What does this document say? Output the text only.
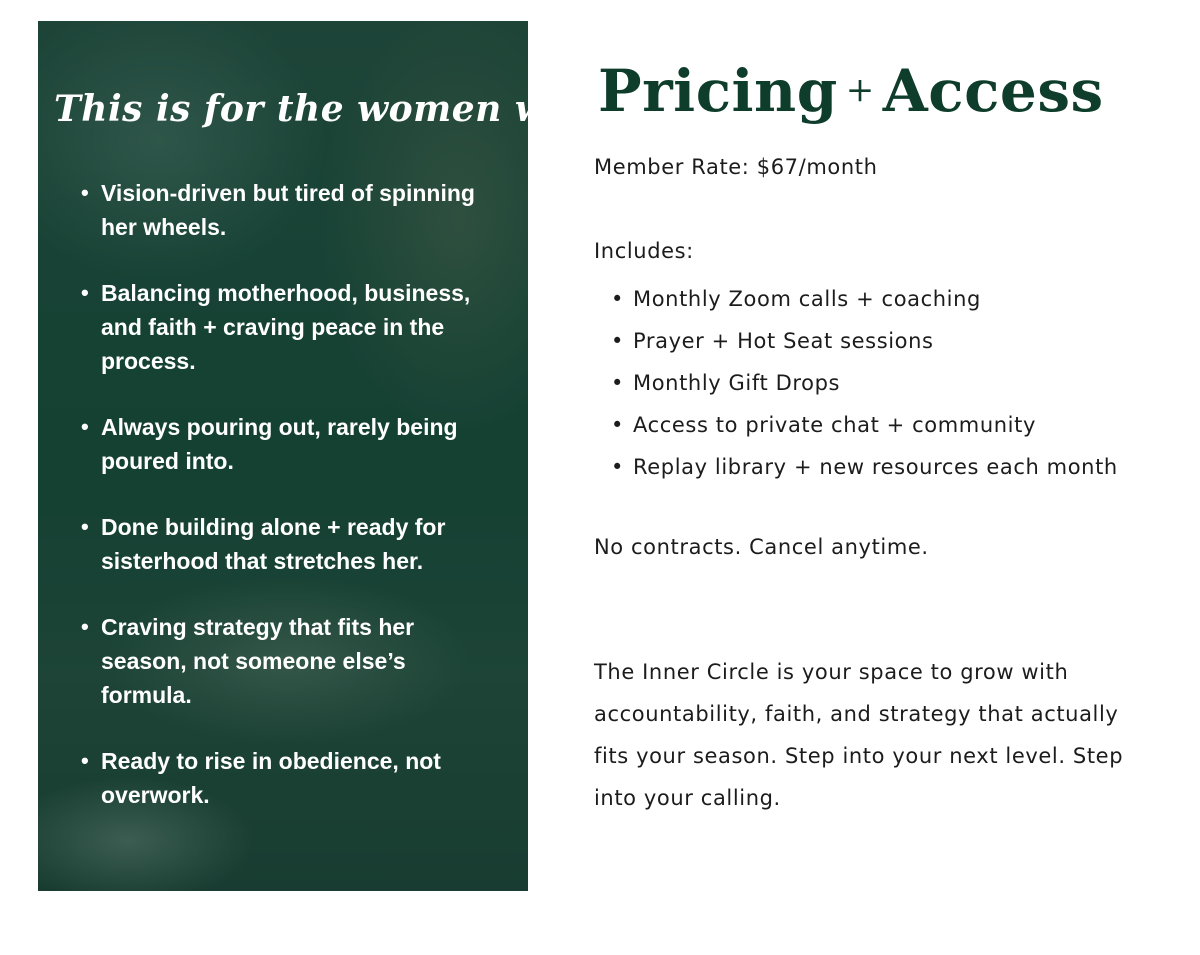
This is for the women who’s:
• Vision-driven but tired of spinning her wheels.
• Balancing motherhood, business, and faith + craving peace in the process.
• Always pouring out, rarely being poured into.
• Done building alone + ready for sisterhood that stretches her.
• Craving strategy that fits her season, not someone else’s formula.
• Ready to rise in obedience, not overwork.
Pricing + Access
Member Rate: $67/month
Includes:
• Monthly Zoom calls + coaching
• Prayer + Hot Seat sessions
• Monthly Gift Drops
• Access to private chat + community
• Replay library + new resources each month
No contracts. Cancel anytime.

The Inner Circle is your space to grow with accountability, faith, and strategy that actually fits your season. Step into your next level. Step into your calling.
